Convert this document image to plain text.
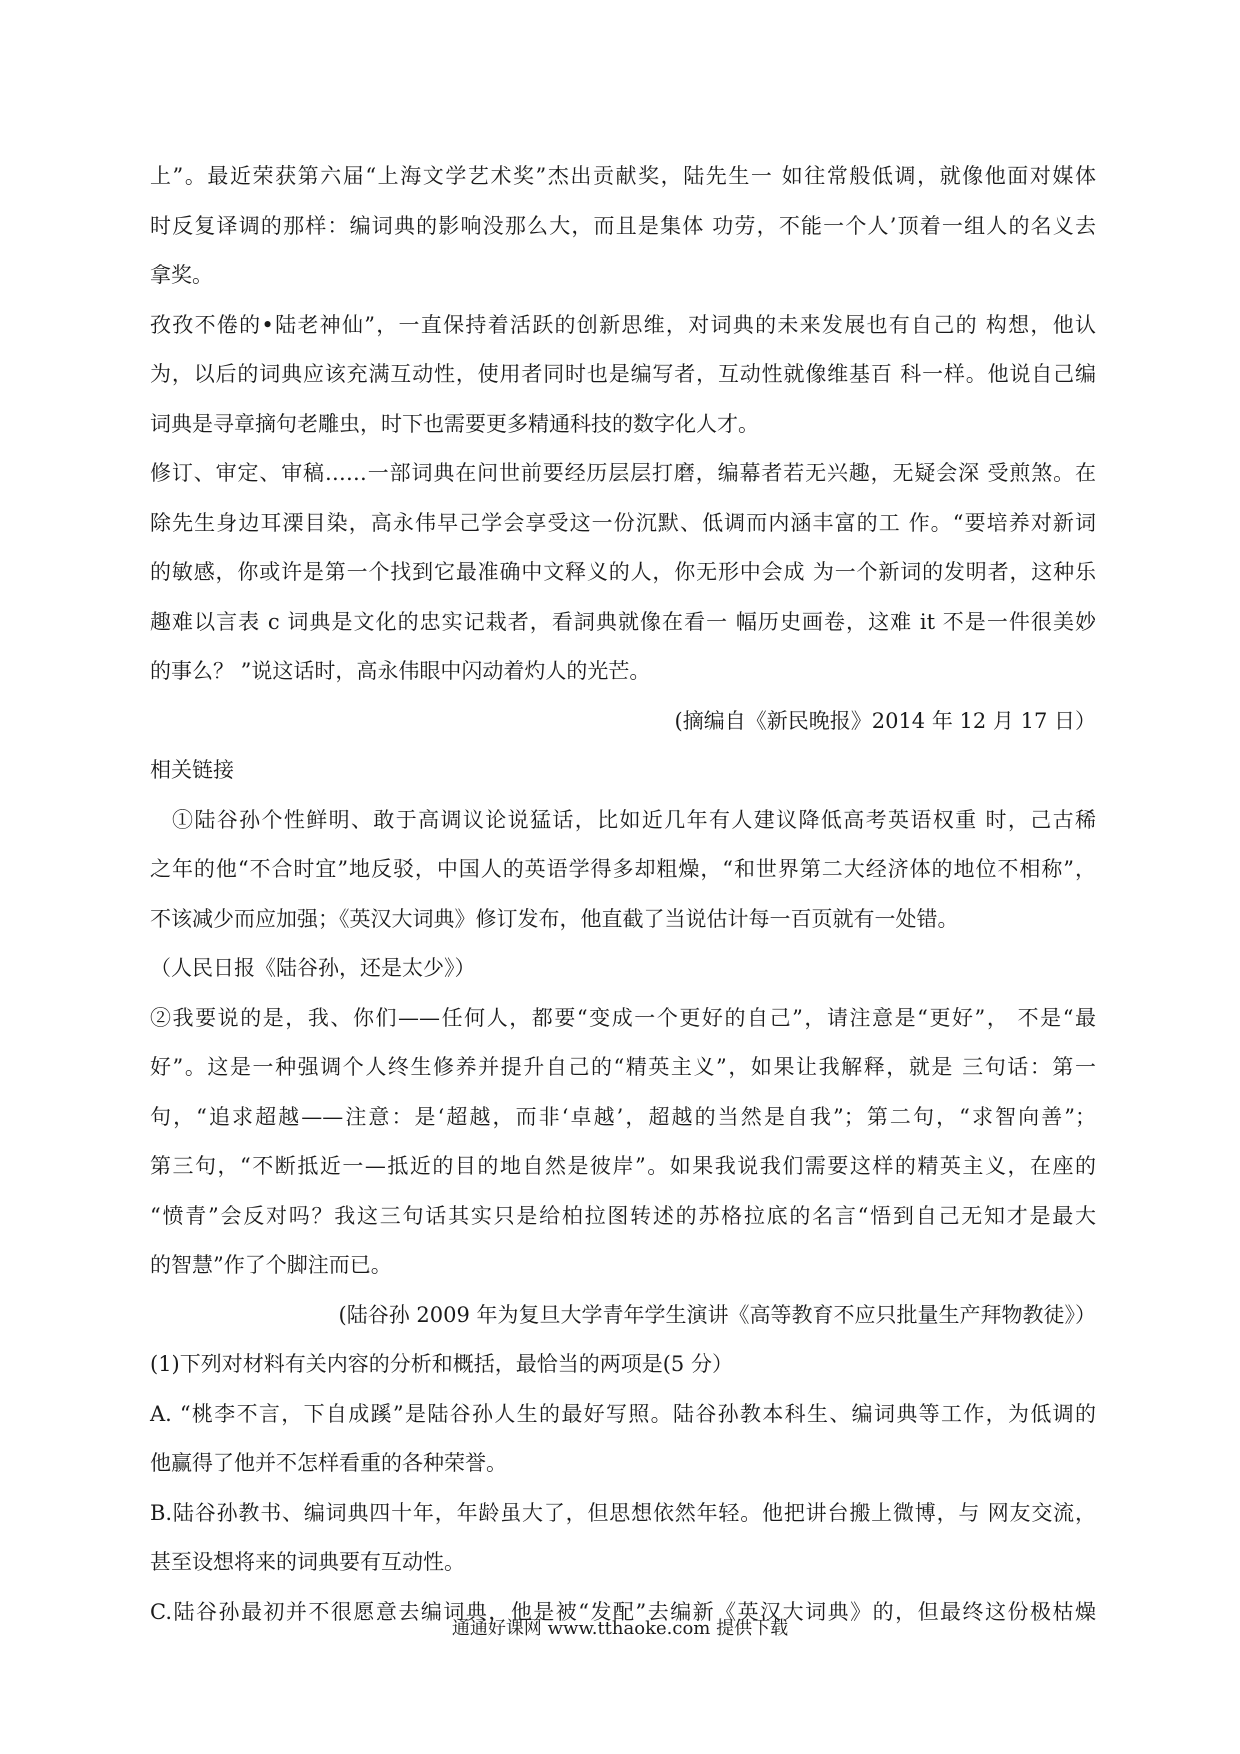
上”。最近荣获第六届“上海文学艺术奖”杰出贡献奖，陆先生一 如往常般低调，就像他面对媒体
时反复译调的那样：编词典的影响没那么大，而且是集体 功劳，不能一个人’顶着一组人的名义去
拿奖。
孜孜不倦的•陆老神仙”，一直保持着活跃的创新思维，对词典的未来发展也有自己的 构想，他认
为，以后的词典应该充满互动性，使用者同时也是编写者，互动性就像维基百 科一样。他说自己编
词典是寻章摘句老雕虫，时下也需要更多精通科技的数字化人才。
修订、审定、审稿……一部词典在问世前要经历层层打磨，编幕者若无兴趣，无疑会深 受煎煞。在
除先生身边耳溧目染，高永伟早己学会享受这一份沉默、低调而内涵丰富的工 作。“要培养对新词
的敏感，你或许是第一个找到它最准确中文释义的人，你无形中会成 为一个新词的发明者，这种乐
趣难以言表 c 词典是文化的忠实记栽者，看詞典就像在看一 幅历史画卷，这难 it 不是一件很美妙
的事么？ ”说这话时，高永伟眼中闪动着灼人的光芒。
(摘编自《新民晚报》2014 年 12 月 17 日）
相关链接
①陆谷孙个性鲜明、敢于高调议论说猛话，比如近几年有人建议降低高考英语权重 时，己古稀
之年的他“不合时宜”地反驳，中国人的英语学得多却粗燥，“和世界第二大经济体的地位不相称”，
不该减少而应加强；《英汉大词典》修订发布，他直截了当说估计每一百页就有一处错。
（人民日报《陆谷孙，还是太少》）
②我要说的是，我、你们——任何人，都要“变成一个更好的自己”，请注意是“更好”， 不是“最
好”。这是一种强调个人终生修养并提升自己的“精英主义”，如果让我解释，就是 三句话：第一
句，“追求超越——注意：是‘超越，而非‘卓越’，超越的当然是自我”；第二句，“求智向善”；
第三句，“不断抵近一—抵近的目的地自然是彼岸”。如果我说我们需要这样的精英主义，在座的
“愤青”会反对吗？我这三句话其实只是给柏拉图转述的苏格拉底的名言“悟到自己无知才是最大
的智慧”作了个脚注而已。
(陆谷孙 2009 年为复旦大学青年学生演讲《高等教育不应只批量生产拜物教徒》）
(1)下列对材料有关内容的分析和概括，最恰当的两项是(5 分）
A. “桃李不言，下自成蹊”是陆谷孙人生的最好写照。陆谷孙教本科生、编词典等工作，为低调的
他赢得了他并不怎样看重的各种荣誉。
B.陆谷孙教书、编词典四十年，年龄虽大了，但思想依然年轻。他把讲台搬上微博，与 网友交流，
甚至设想将来的词典要有互动性。
C.陆谷孙最初并不很愿意去编词典，他是被“发配”去编新《英汉大词典》的，但最终这份极枯燥
通通好课网 www.tthaoke.com 提供下载
